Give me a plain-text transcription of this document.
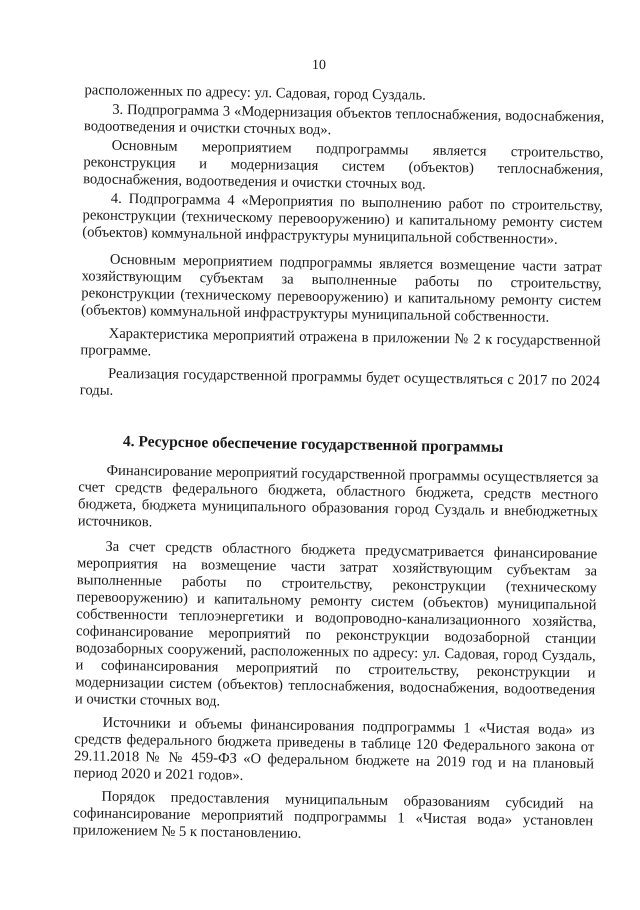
10

расположенных по адресу: ул. Садовая, город Суздаль.

3. Подпрограмма 3 «Модернизация объектов теплоснабжения, водоснабжения, водоотведения и очистки сточных вод».

Основным мероприятием подпрограммы является строительство, реконструкция и модернизация систем (объектов) теплоснабжения, водоснабжения, водоотведения и очистки сточных вод.

4. Подпрограмма 4 «Мероприятия по выполнению работ по строительству, реконструкции (техническому перевооружению) и капитальному ремонту систем (объектов) коммунальной инфраструктуры муниципальной собственности».

Основным мероприятием подпрограммы является возмещение части затрат хозяйствующим субъектам за выполненные работы по строительству, реконструкции (техническому перевооружению) и капитальному ремонту систем (объектов) коммунальной инфраструктуры муниципальной собственности.

Характеристика мероприятий отражена в приложении № 2 к государственной программе.

Реализация государственной программы будет осуществляться с 2017 по 2024 годы.

4. Ресурсное обеспечение государственной программы

Финансирование мероприятий государственной программы осуществляется за счет средств федерального бюджета, областного бюджета, средств местного бюджета, бюджета муниципального образования город Суздаль и внебюджетных источников.

За счет средств областного бюджета предусматривается финансирование мероприятия на возмещение части затрат хозяйствующим субъектам за выполненные работы по строительству, реконструкции (техническому перевооружению) и капитальному ремонту систем (объектов) муниципальной собственности теплоэнергетики и водопроводно-канализационного хозяйства, софинансирование мероприятий по реконструкции водозаборной станции водозаборных сооружений, расположенных по адресу: ул. Садовая, город Суздаль, и софинансирования мероприятий по строительству, реконструкции и модернизации систем (объектов) теплоснабжения, водоснабжения, водоотведения и очистки сточных вод.

Источники и объемы финансирования подпрограммы 1 «Чистая вода» из средств федерального бюджета приведены в таблице 120 Федерального закона от 29.11.2018 № № 459-ФЗ «О федеральном бюджете на 2019 год и на плановый период 2020 и 2021 годов».

Порядок предоставления муниципальным образованиям субсидий на софинансирование мероприятий подпрограммы 1 «Чистая вода» установлен приложением № 5 к постановлению.
